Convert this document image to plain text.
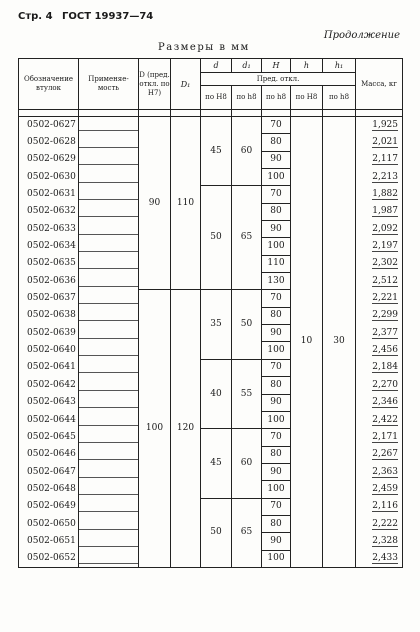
Стр. 4 ГОСТ 19937—74
Продолжение
Размеры в мм
Обозначение втулок	Применяе-мость	D (пред. откл. по H7)	D₁	d	d₁	H	h	h₁	Масса, кг
				Пред. откл.					
				по H8	по h8	по h8	по H8	по h8	

0502-0627		90	110	45	60	70	10	30	1,925
0502-0628						80			2,021
0502-0629						90			2,117
0502-0630						100			2,213
0502-0631				50	65	70			1,882
0502-0632						80			1,987
0502-0633						90			2,092
0502-0634						100			2,197
0502-0635						110			2,302
0502-0636						130			2,512
0502-0637		100	120	35	50	70			2,221
0502-0638						80			2,299
0502-0639						90			2,377
0502-0640						100			2,456
0502-0641				40	55	70			2,184
0502-0642						80			2,270
0502-0643						90			2,346
0502-0644						100			2,422
0502-0645				45	60	70			2,171
0502-0646						80			2,267
0502-0647						90			2,363
0502-0648						100			2,459
0502-0649				50	65	70			2,116
0502-0650						80			2,222
0502-0651						90			2,328
0502-0652						100			2,433
